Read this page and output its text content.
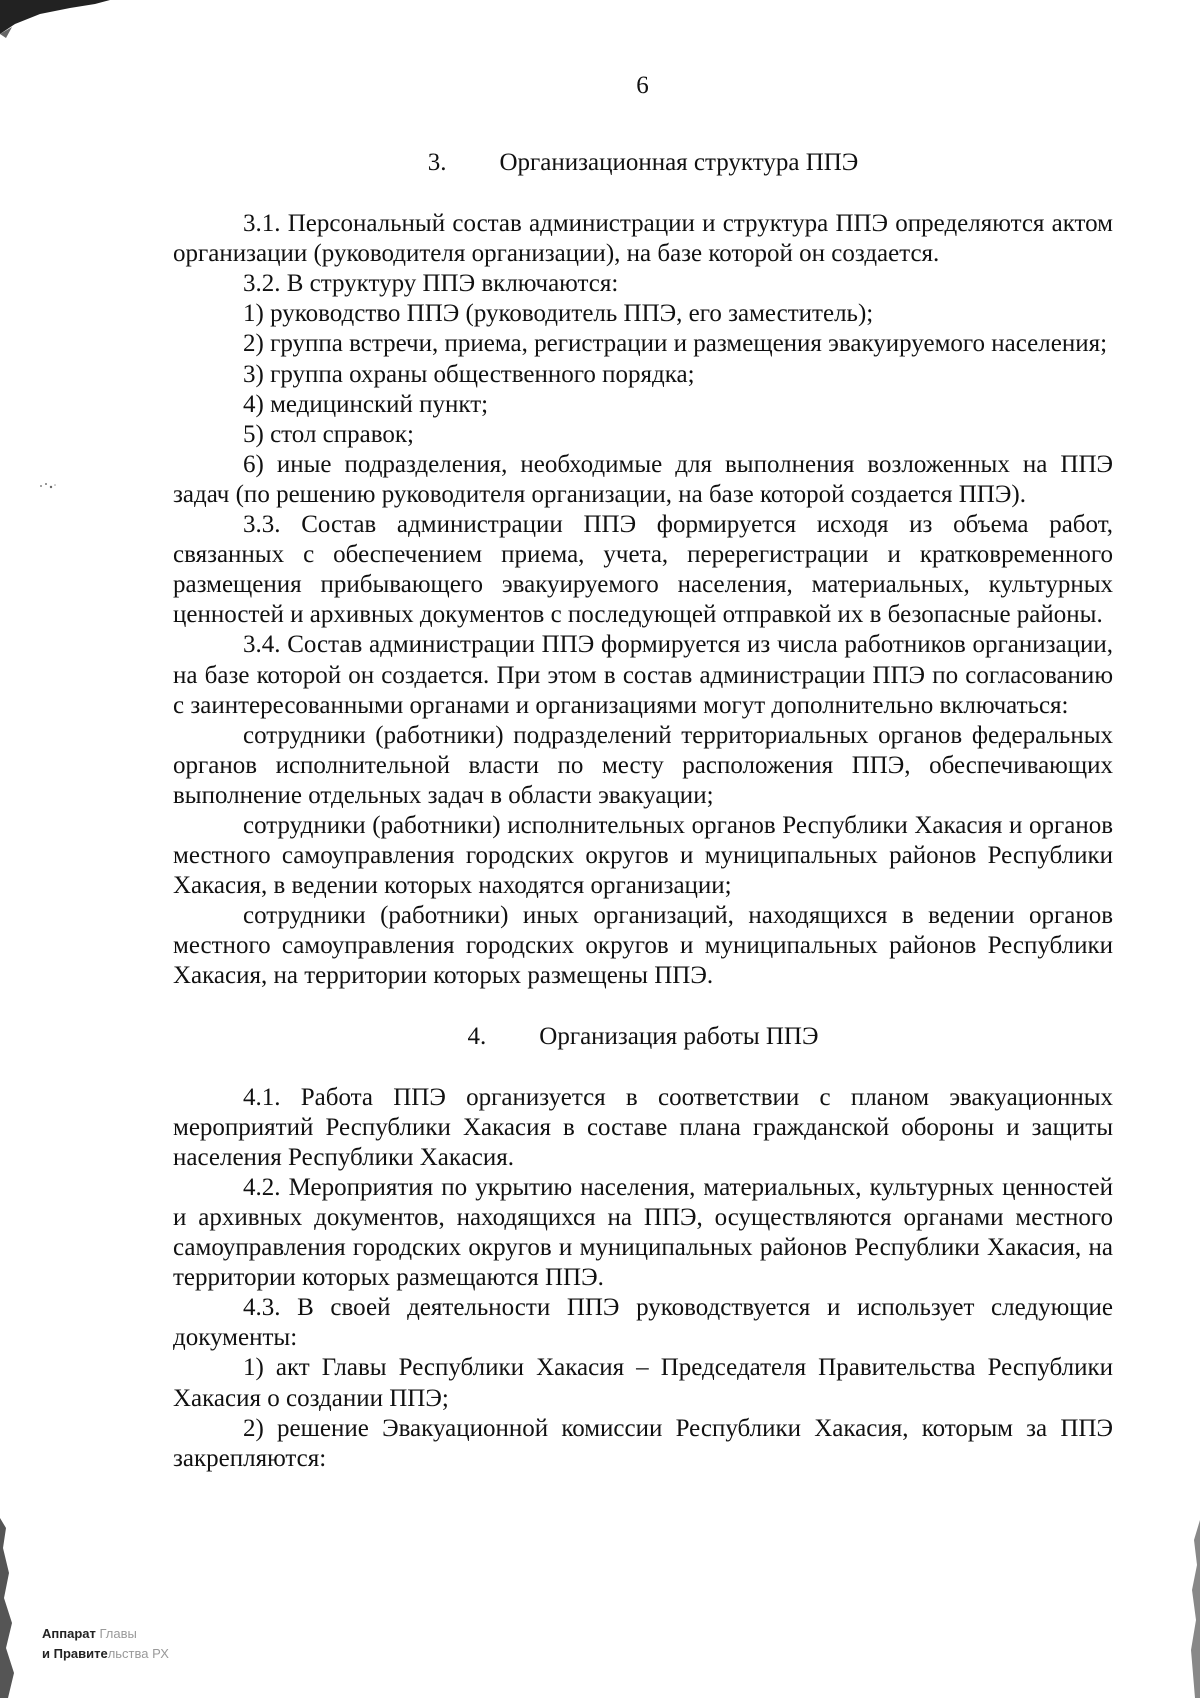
6
3. Организационная структура ППЭ

3.1. Персональный состав администрации и структура ППЭ определяются актом организации (руководителя организации), на базе которой он создается.

3.2. В структуру ППЭ включаются:

1) руководство ППЭ (руководитель ППЭ, его заместитель);

2) группа встречи, приема, регистрации и размещения эвакуируемого населения;

3) группа охраны общественного порядка;

4) медицинский пункт;

5) стол справок;

6) иные подразделения, необходимые для выполнения возложенных на ППЭ задач (по решению руководителя организации, на базе которой создается ППЭ).

3.3. Состав администрации ППЭ формируется исходя из объема работ, связанных с обеспечением приема, учета, перерегистрации и кратковременного размещения прибывающего эвакуируемого населения, материальных, культурных ценностей и архивных документов с последующей отправкой их в безопасные районы.

3.4. Состав администрации ППЭ формируется из числа работников организации, на базе которой он создается. При этом в состав администрации ППЭ по согласованию с заинтересованными органами и организациями могут дополнительно включаться:

сотрудники (работники) подразделений территориальных органов федеральных органов исполнительной власти по месту расположения ППЭ, обеспечивающих выполнение отдельных задач в области эвакуации;

сотрудники (работники) исполнительных органов Республики Хакасия и органов местного самоуправления городских округов и муниципальных районов Республики Хакасия, в ведении которых находятся организации;

сотрудники (работники) иных организаций, находящихся в ведении органов местного самоуправления городских округов и муниципальных районов Республики Хакасия, на территории которых размещены ППЭ.

4. Организация работы ППЭ

4.1. Работа ППЭ организуется в соответствии с планом эвакуационных мероприятий Республики Хакасия в составе плана гражданской обороны и защиты населения Республики Хакасия.

4.2. Мероприятия по укрытию населения, материальных, культурных ценностей и архивных документов, находящихся на ППЭ, осуществляются органами местного самоуправления городских округов и муниципальных районов Республики Хакасия, на территории которых размещаются ППЭ.

4.3. В своей деятельности ППЭ руководствуется и использует следующие документы:

1) акт Главы Республики Хакасия – Председателя Правительства Республики Хакасия о создании ППЭ;

2) решение Эвакуационной комиссии Республики Хакасия, которым за ППЭ закрепляются:

Аппарат Главы
и Правительства РХ
